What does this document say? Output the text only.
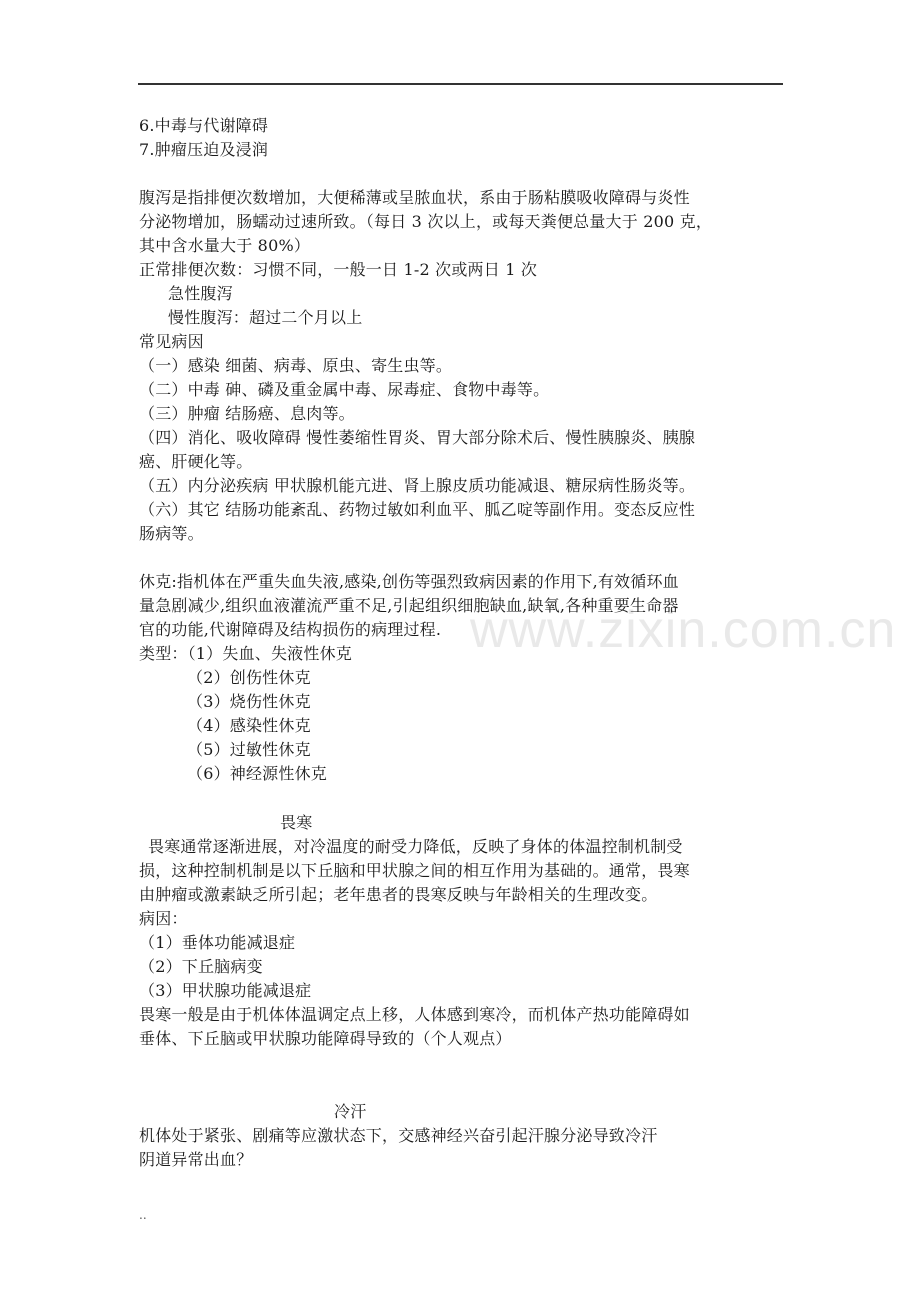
www.zixin.com.cn
6.中毒与代谢障碍
7.肿瘤压迫及浸润
腹泻是指排便次数增加，大便稀薄或呈脓血状，系由于肠粘膜吸收障碍与炎性
分泌物增加，肠蠕动过速所致。（每日 3 次以上，或每天粪便总量大于 200 克，
其中含水量大于 80%）
正常排便次数：习惯不同，一般一日 1-2 次或两日 1 次
急性腹泻
慢性腹泻：超过二个月以上
常见病因
（一）感染 细菌、病毒、原虫、寄生虫等。
（二）中毒 砷、磷及重金属中毒、尿毒症、食物中毒等。
（三）肿瘤 结肠癌、息肉等。
（四）消化、吸收障碍 慢性萎缩性胃炎、胃大部分除术后、慢性胰腺炎、胰腺
癌、肝硬化等。
（五）内分泌疾病 甲状腺机能亢进、肾上腺皮质功能减退、糖尿病性肠炎等。
（六）其它 结肠功能紊乱、药物过敏如利血平、胍乙啶等副作用。变态反应性
肠病等。
休克:指机体在严重失血失液,感染,创伤等强烈致病因素的作用下,有效循环血
量急剧减少,组织血液灌流严重不足,引起组织细胞缺血,缺氧,各种重要生命器
官的功能,代谢障碍及结构损伤的病理过程.
类型：（1）失血、失液性休克
（2）创伤性休克
（3）烧伤性休克
（4）感染性休克
（5）过敏性休克
（6）神经源性休克
畏寒
畏寒通常逐渐进展，对冷温度的耐受力降低，反映了身体的体温控制机制受
损，这种控制机制是以下丘脑和甲状腺之间的相互作用为基础的。通常，畏寒
由肿瘤或激素缺乏所引起；老年患者的畏寒反映与年龄相关的生理改变。
病因：
（1）垂体功能减退症
（2）下丘脑病变
（3）甲状腺功能减退症
畏寒一般是由于机体体温调定点上移，人体感到寒冷，而机体产热功能障碍如
垂体、下丘脑或甲状腺功能障碍导致的（个人观点）
冷汗
机体处于紧张、剧痛等应激状态下，交感神经兴奋引起汗腺分泌导致冷汗
阴道异常出血？
..
